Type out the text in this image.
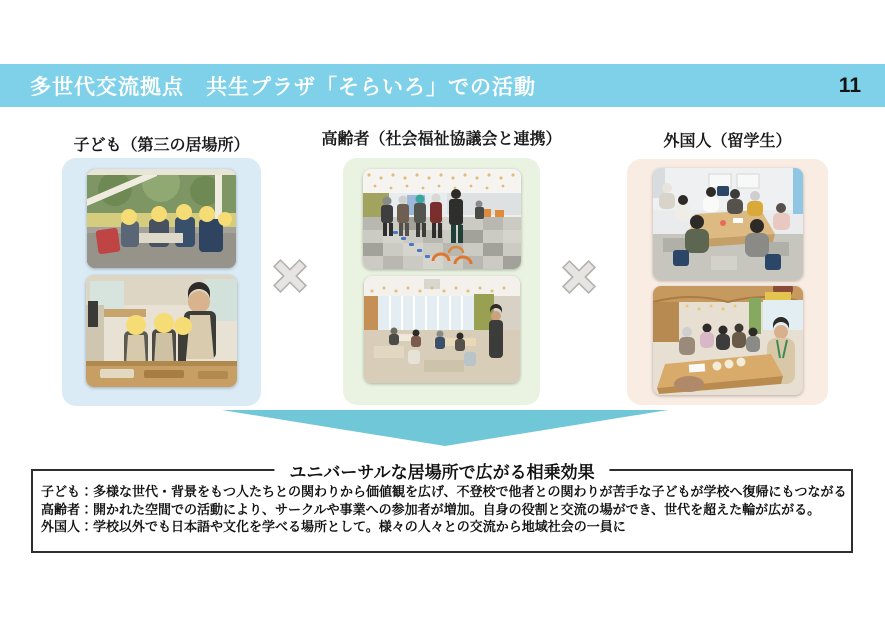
多世代交流拠点　共生プラザ「そらいろ」での活動	11
子ども（第三の居場所）	高齢者（社会福祉協議会と連携）	外国人（留学生）
ユニバーサルな居場所で広がる相乗効果
子ども：多様な世代・背景をもつ人たちとの関わりから価値観を広げ、不登校で他者との関わりが苦手な子どもが学校へ復帰にもつながる
高齢者：開かれた空間での活動により、サークルや事業への参加者が増加。自身の役割と交流の場ができ、世代を超えた輪が広がる。
外国人：学校以外でも日本語や文化を学べる場所として。様々の人々との交流から地域社会の一員に
